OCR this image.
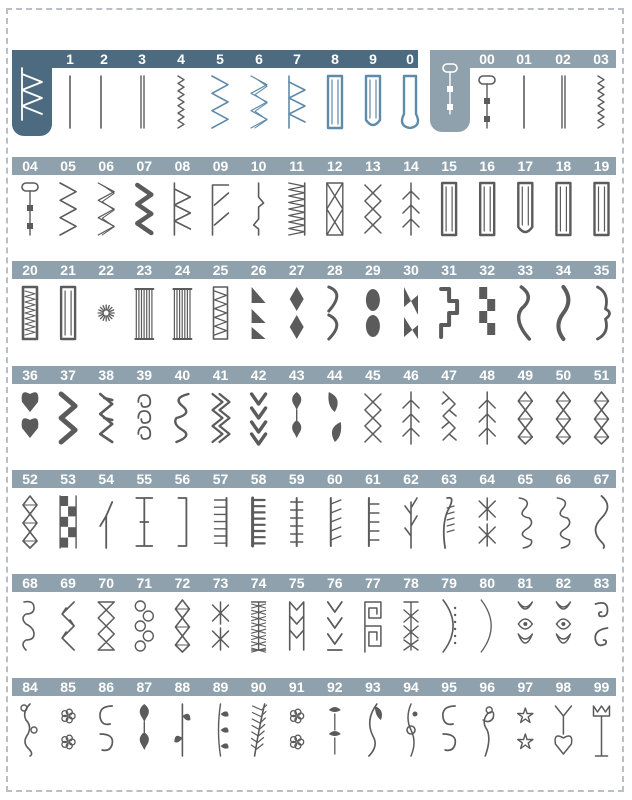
1 2 3 4 5 6 7 8 9 0	00 01 02 03
04 05 06 07 08 09 10 11 12 13 14 15 16 17 18 19
20 21 22 23 24 25 26 27 28 29 30 31 32 33 34 35
36 37 38 39 40 41 42 43 44 45 46 47 48 49 50 51
52 53 54 55 56 57 58 59 60 61 62 63 64 65 66 67
68 69 70 71 72 73 74 75 76 77 78 79 80 81 82 83
84 85 86 87 88 89 90 91 92 93 94 95 96 97 98 99
